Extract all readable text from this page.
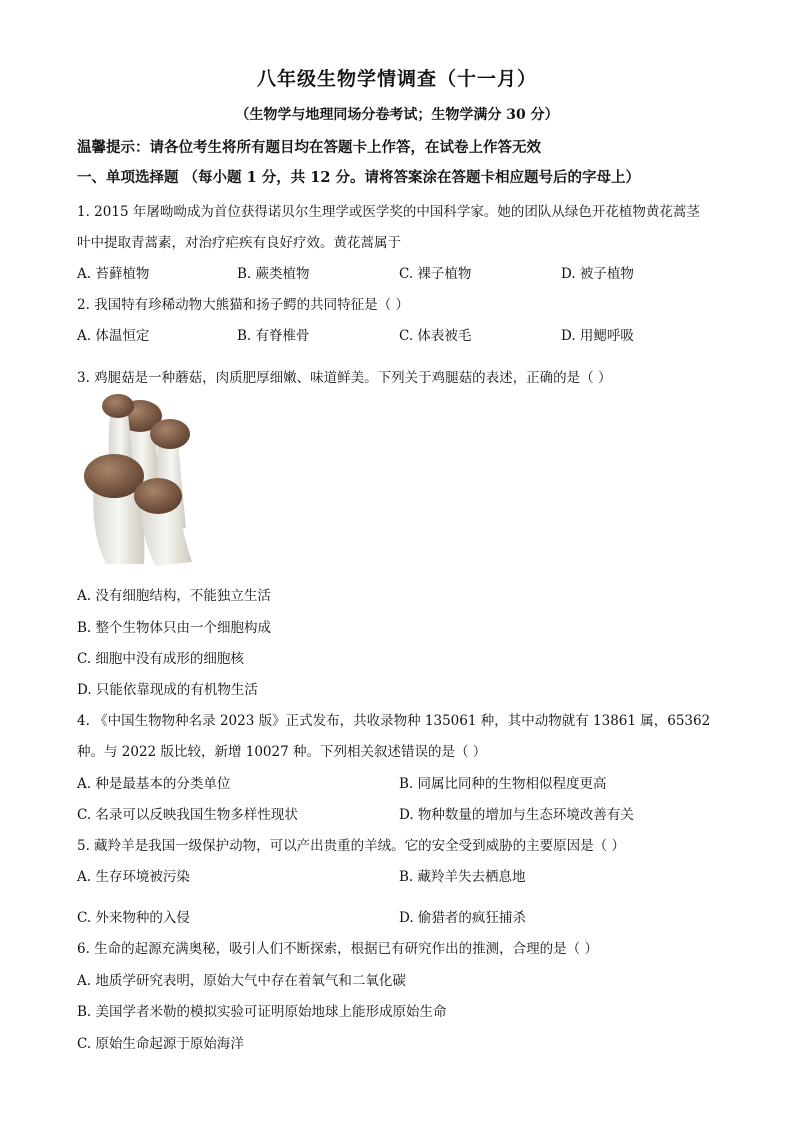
八年级生物学情调查（十一月）
（生物学与地理同场分卷考试；生物学满分 30 分）
温馨提示：请各位考生将所有题目均在答题卡上作答，在试卷上作答无效
一、单项选择题 （每小题 1 分，共 12 分。请将答案涂在答题卡相应题号后的字母上）
1. 2015 年屠呦呦成为首位获得诺贝尔生理学或医学奖的中国科学家。她的团队从绿色开花植物黄花蒿茎
叶中提取青蒿素，对治疗疟疾有良好疗效。黄花蒿属于
A. 苔藓植物	B. 蕨类植物	C. 裸子植物	D. 被子植物
2. 我国特有珍稀动物大熊猫和扬子鳄的共同特征是（ ）
A. 体温恒定	B. 有脊椎骨	C. 体表被毛	D. 用鳃呼吸
3. 鸡腿菇是一种蘑菇，肉质肥厚细嫩、味道鲜美。下列关于鸡腿菇的表述，正确的是（ ）
A. 没有细胞结构，不能独立生活
B. 整个生物体只由一个细胞构成
C. 细胞中没有成形的细胞核
D. 只能依靠现成的有机物生活
4. 《中国生物物种名录 2023 版》正式发布，共收录物种 135061 种，其中动物就有 13861 属，65362
种。与 2022 版比较，新增 10027 种。下列相关叙述错误的是（ ）
A. 种是最基本的分类单位	B. 同属比同种的生物相似程度更高
C. 名录可以反映我国生物多样性现状	D. 物种数量的增加与生态环境改善有关
5. 藏羚羊是我国一级保护动物，可以产出贵重的羊绒。它的安全受到威胁的主要原因是（ ）
A. 生存环境被污染	B. 藏羚羊失去栖息地
C. 外来物种的入侵	D. 偷猎者的疯狂捕杀
6. 生命的起源充满奥秘，吸引人们不断探索，根据已有研究作出的推测，合理的是（ ）
A. 地质学研究表明，原始大气中存在着氧气和二氧化碳
B. 美国学者米勒的模拟实验可证明原始地球上能形成原始生命
C. 原始生命起源于原始海洋
